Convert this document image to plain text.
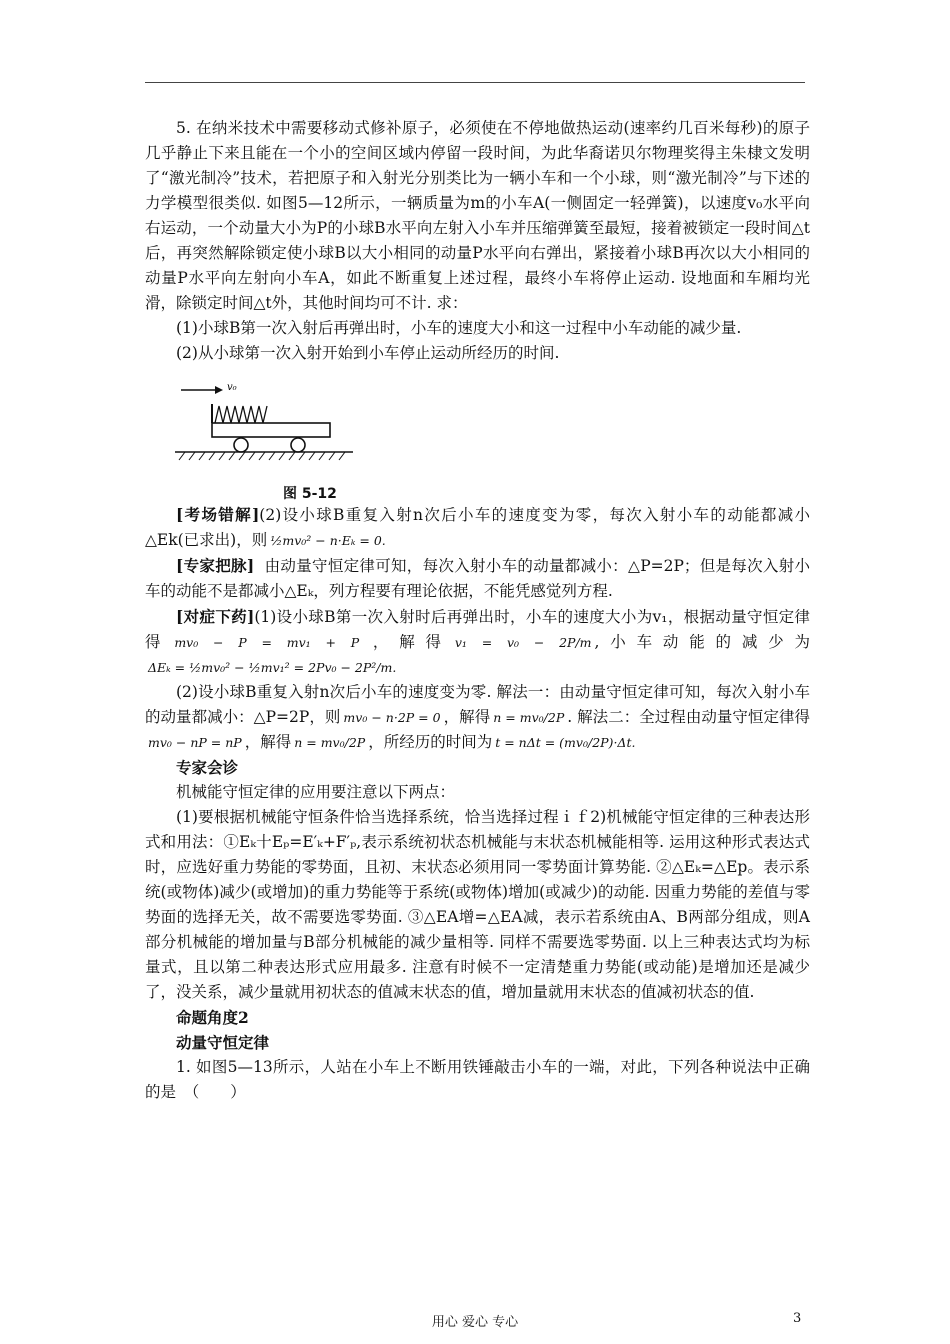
5. 在纳米技术中需要移动式修补原子，必须使在不停地做热运动(速率约几百米每秒)的原子几乎静止下来且能在一个小的空间区域内停留一段时间，为此华裔诺贝尔物理奖得主朱棣文发明了“激光制冷”技术，若把原子和入射光分别类比为一辆小车和一个小球，则“激光制冷”与下述的力学模型很类似. 如图5—12所示，一辆质量为m的小车A(一侧固定一轻弹簧)，以速度v₀水平向右运动，一个动量大小为P的小球B水平向左射入小车并压缩弹簧至最短，接着被锁定一段时间△t后，再突然解除锁定使小球B以大小相同的动量P水平向右弹出，紧接着小球B再次以大小相同的动量P水平向左射向小车A，如此不断重复上述过程，最终小车将停止运动. 设地面和车厢均光滑，除锁定时间△t外，其他时间均可不计. 求：

(1)小球B第一次入射后再弹出时，小车的速度大小和这一过程中小车动能的减少量.

(2)从小球第一次入射开始到小车停止运动所经历的时间.

v₀
图 5-12

[考场错解](2)设小球B重复入射n次后小车的速度变为零，每次入射小车的动能都减小△Ek(已求出)，则 ½mv₀² − n·Eₖ = 0.

[专家把脉] 由动量守恒定律可知，每次入射小车的动量都减小：△P=2P；但是每次入射小车的动能不是都减小△Eₖ，列方程要有理论依据，不能凭感觉列方程.

[对症下药](1)设小球B第一次入射时后再弹出时，小车的速度大小为v₁，根据动量守恒定律得 mv₀ − P = mv₁ + P ，解得 v₁ = v₀ − 2P/m ,小车动能的减少为ΔEₖ = ½mv₀² − ½mv₁² = 2Pv₀ − 2P²/m.

(2)设小球B重复入射n次后小车的速度变为零. 解法一：由动量守恒定律可知，每次入射小车的动量都减小：△P=2P，则 mv₀ − n·2P = 0 ，解得 n = mv₀/2P . 解法二：全过程由动量守恒定律得mv₀ − nP = nP ，解得 n = mv₀/2P ，所经历的时间为 t = nΔt = (mv₀/2P)·Δt.

专家会诊

机械能守恒定律的应用要注意以下两点：

(1)要根据机械能守恒条件恰当选择系统，恰当选择过程ｉｆ2)机械能守恒定律的三种表达形式和用法：①Eₖ十Eₚ=E′ₖ+F′ₚ,表示系统初状态机械能与末状态机械能相等. 运用这种形式表达式时，应选好重力势能的零势面，且初、末状态必须用同一零势面计算势能. ②△Eₖ=△Ep。表示系统(或物体)减少(或增加)的重力势能等于系统(或物体)增加(或减少)的动能. 因重力势能的差值与零势面的选择无关，故不需要选零势面. ③△EA增=△EA减，表示若系统由A、B两部分组成，则A部分机械能的增加量与B部分机械能的减少量相等. 同样不需要选零势面. 以上三种表达式均为标量式，且以第二种表达形式应用最多. 注意有时候不一定清楚重力势能(或动能)是增加还是减少了，没关系，减少量就用初状态的值减末状态的值，增加量就用末状态的值减初状态的值.

命题角度2

动量守恒定律

1. 如图5—13所示，人站在小车上不断用铁锤敲击小车的一端，对此，下列各种说法中正确的是　（　　）

用心 爱心 专心	3
